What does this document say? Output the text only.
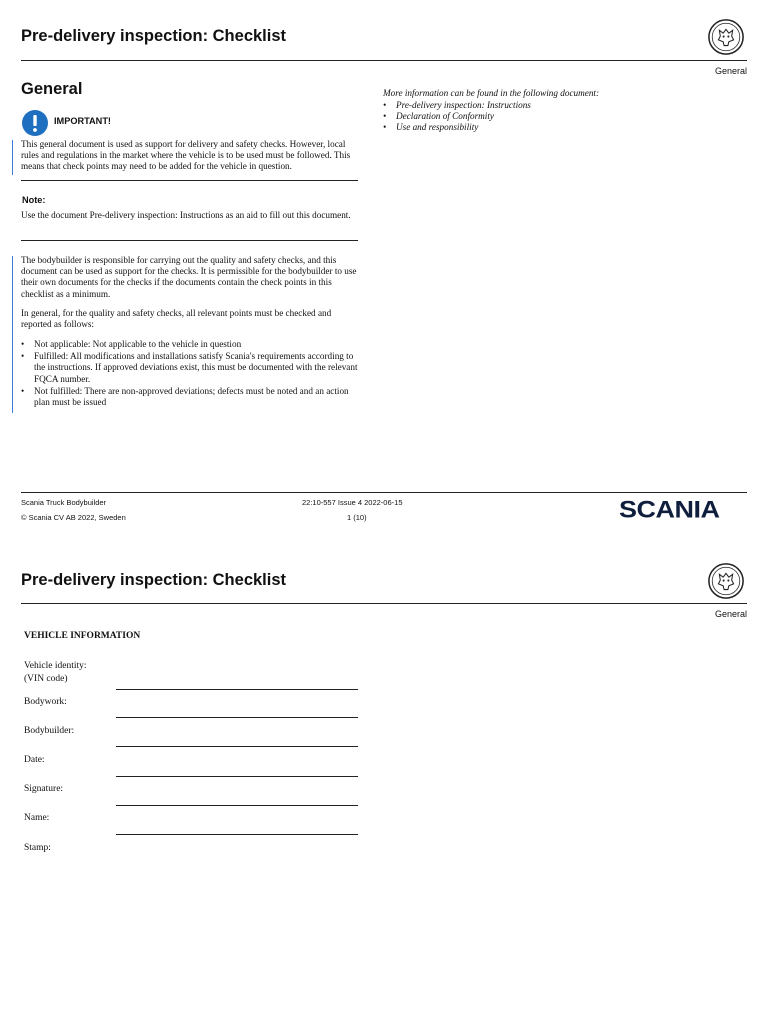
Pre-delivery inspection: Checklist
General
General
IMPORTANT!
This general document is used as support for delivery and safety checks. However, local rules and regulations in the market where the vehicle is to be used must be followed. This means that check points may need to be added for the vehicle in question.
Note:
Use the document Pre-delivery inspection: Instructions as an aid to fill out this document.
The bodybuilder is responsible for carrying out the quality and safety checks, and this document can be used as support for the checks. It is permissible for the bodybuilder to use their own documents for the checks if the documents contain the check points in this checklist as a minimum.
In general, for the quality and safety checks, all relevant points must be checked and reported as follows:
• Not applicable: Not applicable to the vehicle in question
• Fulfilled: All modifications and installations satisfy Scania's requirements according to the instructions. If approved deviations exist, this must be documented with the relevant FQCA number.
• Not fulfilled: There are non-approved deviations; defects must be noted and an action plan must be issued
More information can be found in the following document:
• Pre-delivery inspection: Instructions
• Declaration of Conformity
• Use and responsibility
Scania Truck Bodybuilder
© Scania CV AB 2022, Sweden
22:10-557 Issue 4 2022-06-15
1 (10)	SCANIA
Pre-delivery inspection: Checklist
General
VEHICLE INFORMATION
Vehicle identity:
(VIN code)
Bodywork:
Bodybuilder:
Date:
Signature:
Name:
Stamp:
